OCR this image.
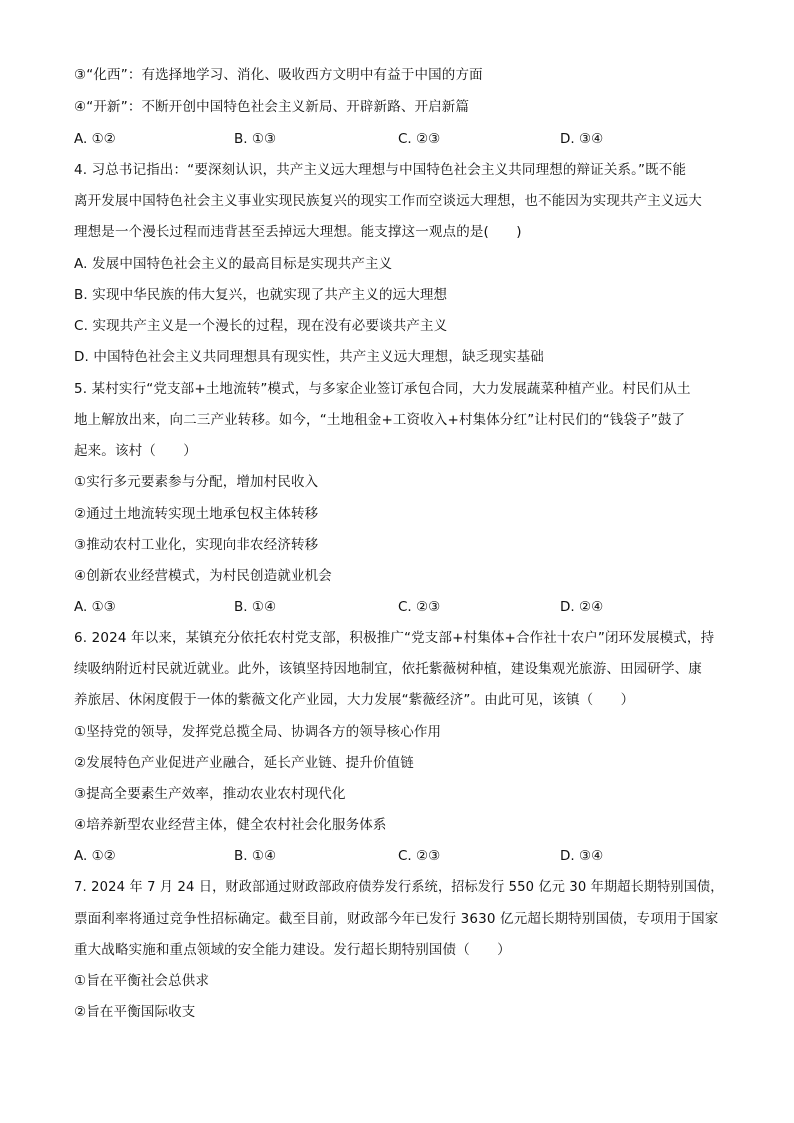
③“化西”：有选择地学习、消化、吸收西方文明中有益于中国的方面
④“开新”：不断开创中国特色社会主义新局、开辟新路、开启新篇
A. ①②	B. ①③	C. ②③	D. ③④
4. 习总书记指出：“要深刻认识，共产主义远大理想与中国特色社会主义共同理想的辩证关系。”既不能
离开发展中国特色社会主义事业实现民族复兴的现实工作而空谈远大理想，也不能因为实现共产主义远大
理想是一个漫长过程而违背甚至丢掉远大理想。能支撑这一观点的是(　　)
A. 发展中国特色社会主义的最高目标是实现共产主义
B. 实现中华民族的伟大复兴，也就实现了共产主义的远大理想
C. 实现共产主义是一个漫长的过程，现在没有必要谈共产主义
D. 中国特色社会主义共同理想具有现实性，共产主义远大理想，缺乏现实基础
5. 某村实行“党支部+土地流转”模式，与多家企业签订承包合同，大力发展蔬菜种植产业。村民们从土
地上解放出来，向二三产业转移。如今，“土地租金+工资收入+村集体分红”让村民们的“钱袋子”鼓了
起来。该村（　　）
①实行多元要素参与分配，增加村民收入
②通过土地流转实现土地承包权主体转移
③推动农村工业化，实现向非农经济转移
④创新农业经营模式，为村民创造就业机会
A. ①③	B. ①④	C. ②③	D. ②④
6. 2024 年以来，某镇充分依托农村党支部，积极推广“党支部+村集体+合作社十农户”闭环发展模式，持
续吸纳附近村民就近就业。此外，该镇坚持因地制宜，依托紫薇树种植，建设集观光旅游、田园研学、康
养旅居、休闲度假于一体的紫薇文化产业园，大力发展“紫薇经济”。由此可见，该镇（　　）
①坚持党的领导，发挥党总揽全局、协调各方的领导核心作用
②发展特色产业促进产业融合，延长产业链、提升价值链
③提高全要素生产效率，推动农业农村现代化
④培养新型农业经营主体，健全农村社会化服务体系
A. ①②	B. ①④	C. ②③	D. ③④
7. 2024 年 7 月 24 日，财政部通过财政部政府债券发行系统，招标发行 550 亿元 30 年期超长期特别国债，
票面利率将通过竞争性招标确定。截至目前，财政部今年已发行 3630 亿元超长期特别国债，专项用于国家
重大战略实施和重点领域的安全能力建设。发行超长期特别国债（　　）
①旨在平衡社会总供求
②旨在平衡国际收支
